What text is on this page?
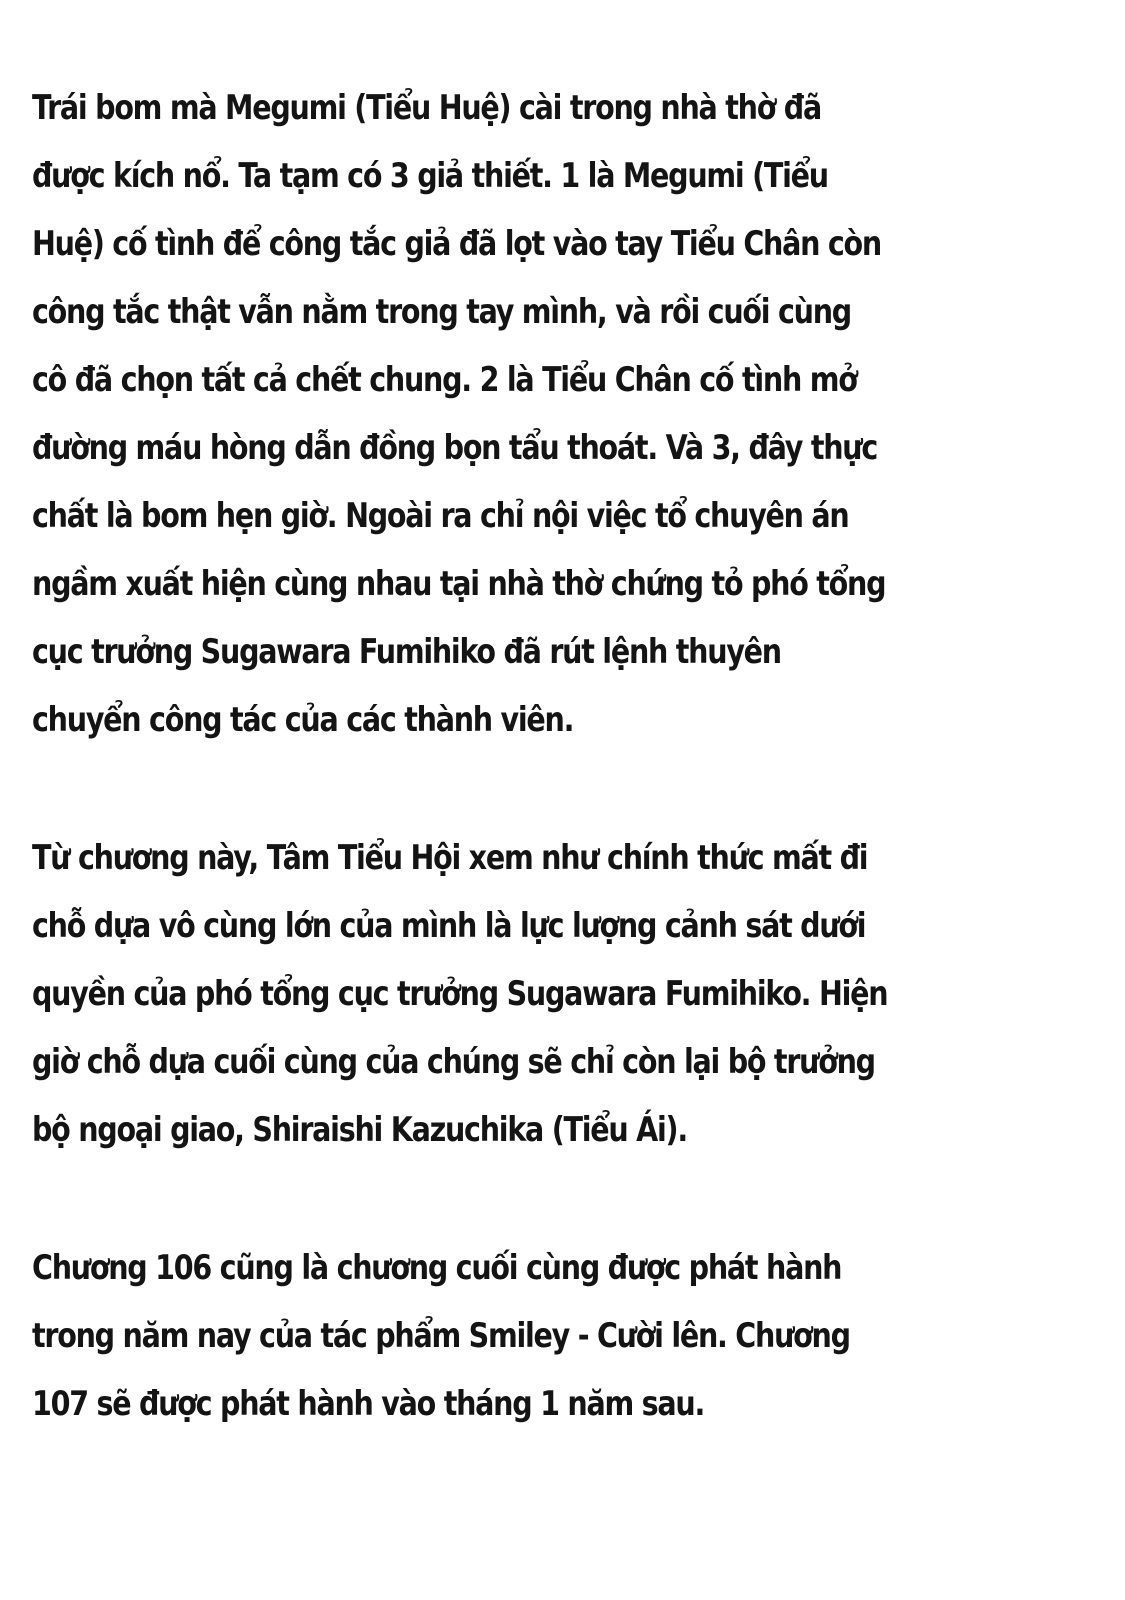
Trái bom mà Megumi (Tiểu Huệ) cài trong nhà thờ đã
được kích nổ. Ta tạm có 3 giả thiết. 1 là Megumi (Tiểu
Huệ) cố tình để công tắc giả đã lọt vào tay Tiểu Chân còn
công tắc thật vẫn nằm trong tay mình, và rồi cuối cùng
cô đã chọn tất cả chết chung. 2 là Tiểu Chân cố tình mở
đường máu hòng dẫn đồng bọn tẩu thoát. Và 3, đây thực
chất là bom hẹn giờ. Ngoài ra chỉ nội việc tổ chuyên án
ngầm xuất hiện cùng nhau tại nhà thờ chứng tỏ phó tổng
cục trưởng Sugawara Fumihiko đã rút lệnh thuyên
chuyển công tác của các thành viên.
Từ chương này, Tâm Tiểu Hội xem như chính thức mất đi
chỗ dựa vô cùng lớn của mình là lực lượng cảnh sát dưới
quyền của phó tổng cục trưởng Sugawara Fumihiko. Hiện
giờ chỗ dựa cuối cùng của chúng sẽ chỉ còn lại bộ trưởng
bộ ngoại giao, Shiraishi Kazuchika (Tiểu Ái).
Chương 106 cũng là chương cuối cùng được phát hành
trong năm nay của tác phẩm Smiley - Cười lên. Chương
107 sẽ được phát hành vào tháng 1 năm sau.
